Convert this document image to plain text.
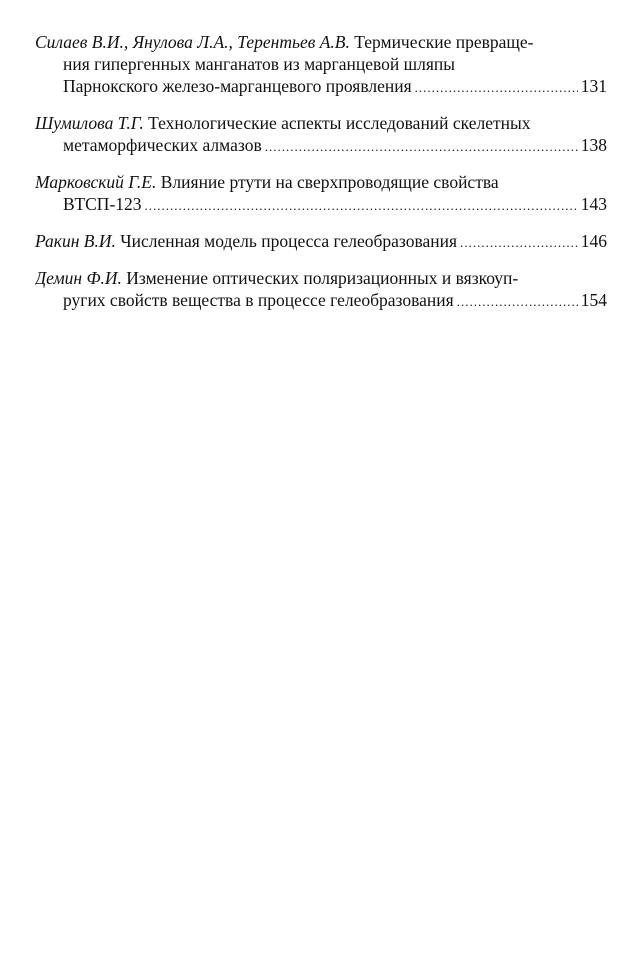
Силаев В.И., Янулова Л.А., Терентьев А.В. Термические превраще-
ния гипергенных манганатов из марганцевой шляпы
Парнокского железо-марганцевого проявления .....	131
Шумилова Т.Г. Технологические аспекты исследований скелетных
метаморфических алмазов .....	138
Марковский Г.Е. Влияние ртути на сверхпроводящие свойства
ВТСП-123 .....	143
Ракин В.И. Численная модель процесса гелеобразования .....	146
Демин Ф.И. Изменение оптических поляризационных и вязкоуп-
ругих свойств вещества в процессе гелеобразования .....	154
